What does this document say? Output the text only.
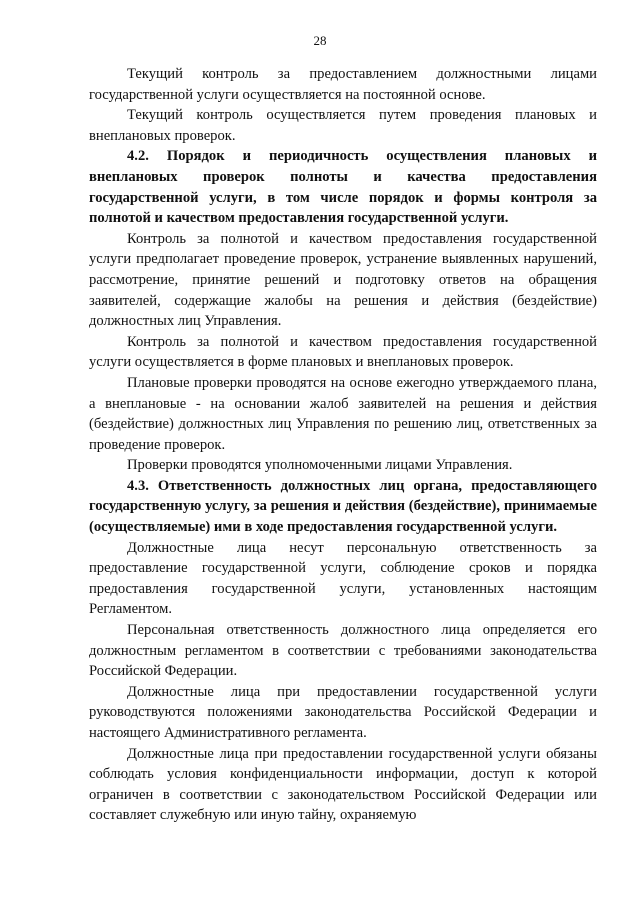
28

Текущий контроль за предоставлением должностными лицами государственной услуги осуществляется на постоянной основе.

Текущий контроль осуществляется путем проведения плановых и внеплановых проверок.

4.2. Порядок и периодичность осуществления плановых и внеплановых проверок полноты и качества предоставления государственной услуги, в том числе порядок и формы контроля за полнотой и качеством предоставления государственной услуги.

Контроль за полнотой и качеством предоставления государственной услуги предполагает проведение проверок, устранение выявленных нарушений, рассмотрение, принятие решений и подготовку ответов на обращения заявителей, содержащие жалобы на решения и действия (бездействие) должностных лиц Управления.

Контроль за полнотой и качеством предоставления государственной услуги осуществляется в форме плановых и внеплановых проверок.

Плановые проверки проводятся на основе ежегодно утверждаемого плана, а внеплановые - на основании жалоб заявителей на решения и действия (бездействие) должностных лиц Управления по решению лиц, ответственных за проведение проверок.

Проверки проводятся уполномоченными лицами Управления.

4.3. Ответственность должностных лиц органа, предоставляющего государственную услугу, за решения и действия (бездействие), принимаемые (осуществляемые) ими в ходе предоставления государственной услуги.

Должностные лица несут персональную ответственность за предоставление государственной услуги, соблюдение сроков и порядка предоставления государственной услуги, установленных настоящим Регламентом.

Персональная ответственность должностного лица определяется его должностным регламентом в соответствии с требованиями законодательства Российской Федерации.

Должностные лица при предоставлении государственной услуги руководствуются положениями законодательства Российской Федерации и настоящего Административного регламента.

Должностные лица при предоставлении государственной услуги обязаны соблюдать условия конфиденциальности информации, доступ к которой ограничен в соответствии с законодательством Российской Федерации или составляет служебную или иную тайну, охраняемую
